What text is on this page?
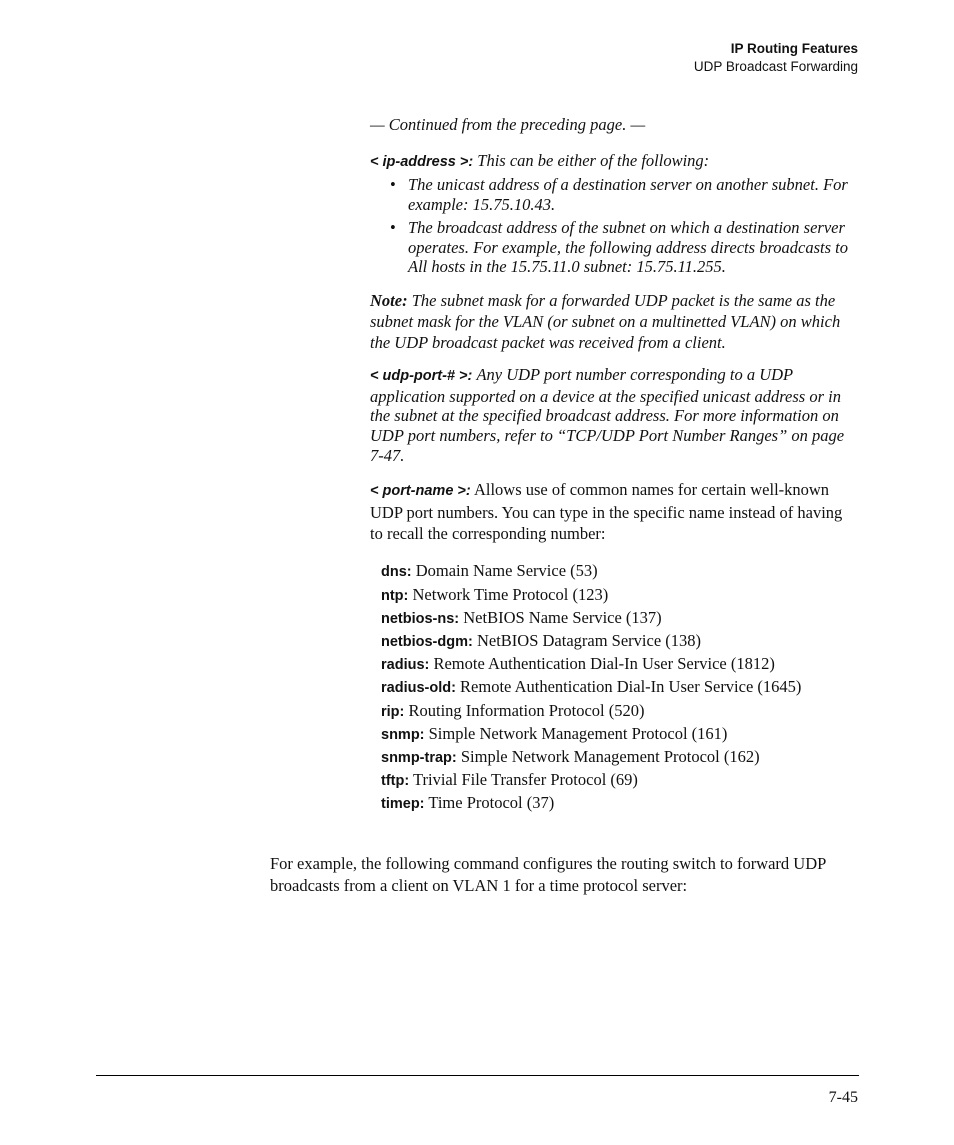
IP Routing Features
UDP Broadcast Forwarding

— Continued from the preceding page. —

< ip-address >: This can be either of the following:

• The unicast address of a destination server on another subnet. For example: 15.75.10.43.
• The broadcast address of the subnet on which a destination server operates. For example, the following address directs broadcasts to All hosts in the 15.75.11.0 subnet: 15.75.11.255.

Note: The subnet mask for a forwarded UDP packet is the same as the subnet mask for the VLAN (or subnet on a multinetted VLAN) on which the UDP broadcast packet was received from a client.

< udp-port-# >: Any UDP port number corresponding to a UDP application supported on a device at the specified unicast address or in the subnet at the specified broadcast address. For more information on UDP port numbers, refer to “TCP/UDP Port Number Ranges” on page 7-47.

< port-name >: Allows use of common names for certain well-known UDP port numbers. You can type in the specific name instead of having to recall the corresponding number:

dns: Domain Name Service (53)
ntp: Network Time Protocol (123)
netbios-ns: NetBIOS Name Service (137)
netbios-dgm: NetBIOS Datagram Service (138)
radius: Remote Authentication Dial-In User Service (1812)
radius-old: Remote Authentication Dial-In User Service (1645)
rip: Routing Information Protocol (520)
snmp: Simple Network Management Protocol (161)
snmp-trap: Simple Network Management Protocol (162)
tftp: Trivial File Transfer Protocol (69)
timep: Time Protocol (37)

For example, the following command configures the routing switch to forward UDP broadcasts from a client on VLAN 1 for a time protocol server:

7-45
